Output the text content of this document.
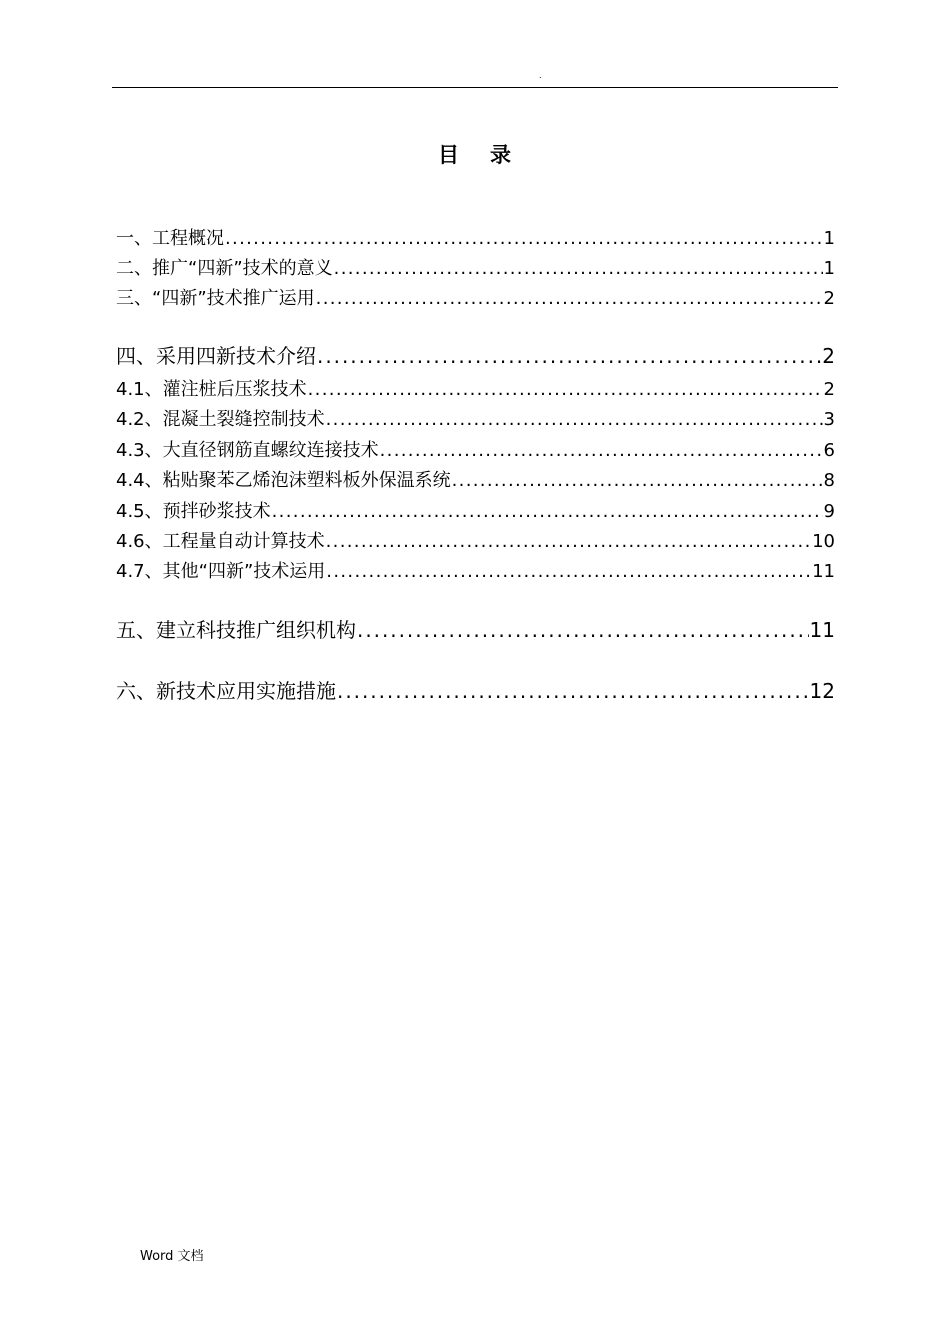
.
目 录
一、工程概况 . . .	1
二、推广“四新”技术的意义 . . .	1
三、“四新”技术推广运用 . . .	2
四、采用四新技术介绍 . . .	2
4.1、灌注桩后压浆技术 . . .	2
4.2、混凝土裂缝控制技术 . . .	3
4.3、大直径钢筋直螺纹连接技术 . . .	6
4.4、粘贴聚苯乙烯泡沫塑料板外保温系统 . . .	8
4.5、预拌砂浆技术 . . .	9
4.6、工程量自动计算技术 . . .	10
4.7、其他“四新”技术运用 . . .	11
五、建立科技推广组织机构 . . .	11
六、新技术应用实施措施 . . .	12
Word 文档
